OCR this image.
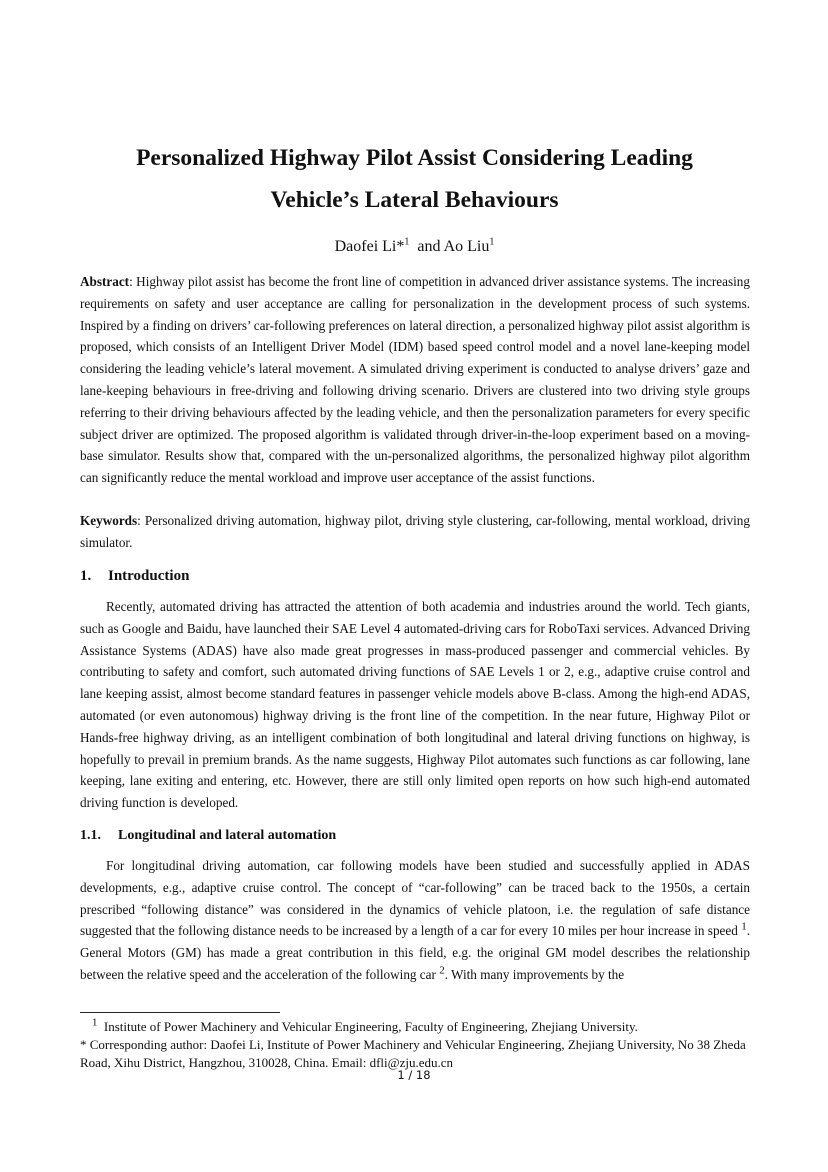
Personalized Highway Pilot Assist Considering Leading
Vehicle’s Lateral Behaviours
Daofei Li*$^1$ and Ao Liu$^1$

Abstract: Highway pilot assist has become the front line of competition in advanced driver assistance systems. The increasing requirements on safety and user acceptance are calling for personalization in the development process of such systems. Inspired by a finding on drivers’ car-following preferences on lateral direction, a personalized highway pilot assist algorithm is proposed, which consists of an Intelligent Driver Model (IDM) based speed control model and a novel lane-keeping model considering the leading vehicle’s lateral movement. A simulated driving experiment is conducted to analyse drivers’ gaze and lane-keeping behaviours in free-driving and following driving scenario. Drivers are clustered into two driving style groups referring to their driving behaviours affected by the leading vehicle, and then the personalization parameters for every specific subject driver are optimized. The proposed algorithm is validated through driver-in-the-loop experiment based on a moving-base simulator. Results show that, compared with the un-personalized algorithms, the personalized highway pilot algorithm can significantly reduce the mental workload and improve user acceptance of the assist functions.

Keywords: Personalized driving automation, highway pilot, driving style clustering, car-following, mental workload, driving simulator.

1. Introduction

Recently, automated driving has attracted the attention of both academia and industries around the world. Tech giants, such as Google and Baidu, have launched their SAE Level 4 automated-driving cars for RoboTaxi services. Advanced Driving Assistance Systems (ADAS) have also made great progresses in mass-produced passenger and commercial vehicles. By contributing to safety and comfort, such automated driving functions of SAE Levels 1 or 2, e.g., adaptive cruise control and lane keeping assist, almost become standard features in passenger vehicle models above B-class. Among the high-end ADAS, automated (or even autonomous) highway driving is the front line of the competition. In the near future, Highway Pilot or Hands-free highway driving, as an intelligent combination of both longitudinal and lateral driving functions on highway, is hopefully to prevail in premium brands. As the name suggests, Highway Pilot automates such functions as car following, lane keeping, lane exiting and entering, etc. However, there are still only limited open reports on how such high-end automated driving function is developed.

1.1. Longitudinal and lateral automation

For longitudinal driving automation, car following models have been studied and successfully applied in ADAS developments, e.g., adaptive cruise control. The concept of “car-following” can be traced back to the 1950s, a certain prescribed “following distance” was considered in the dynamics of vehicle platoon, i.e. the regulation of safe distance suggested that the following distance needs to be increased by a length of a car for every 10 miles per hour increase in speed $^1$. General Motors (GM) has made a great contribution in this field, e.g. the original GM model describes the relationship between the relative speed and the acceleration of the following car $^2$. With many improvements by the

$^1$ Institute of Power Machinery and Vehicular Engineering, Faculty of Engineering, Zhejiang University.

* Corresponding author: Daofei Li, Institute of Power Machinery and Vehicular Engineering, Zhejiang University, No 38 Zheda Road, Xihu District, Hangzhou, 310028, China. Email: dfli@zju.edu.cn

1 / 18
